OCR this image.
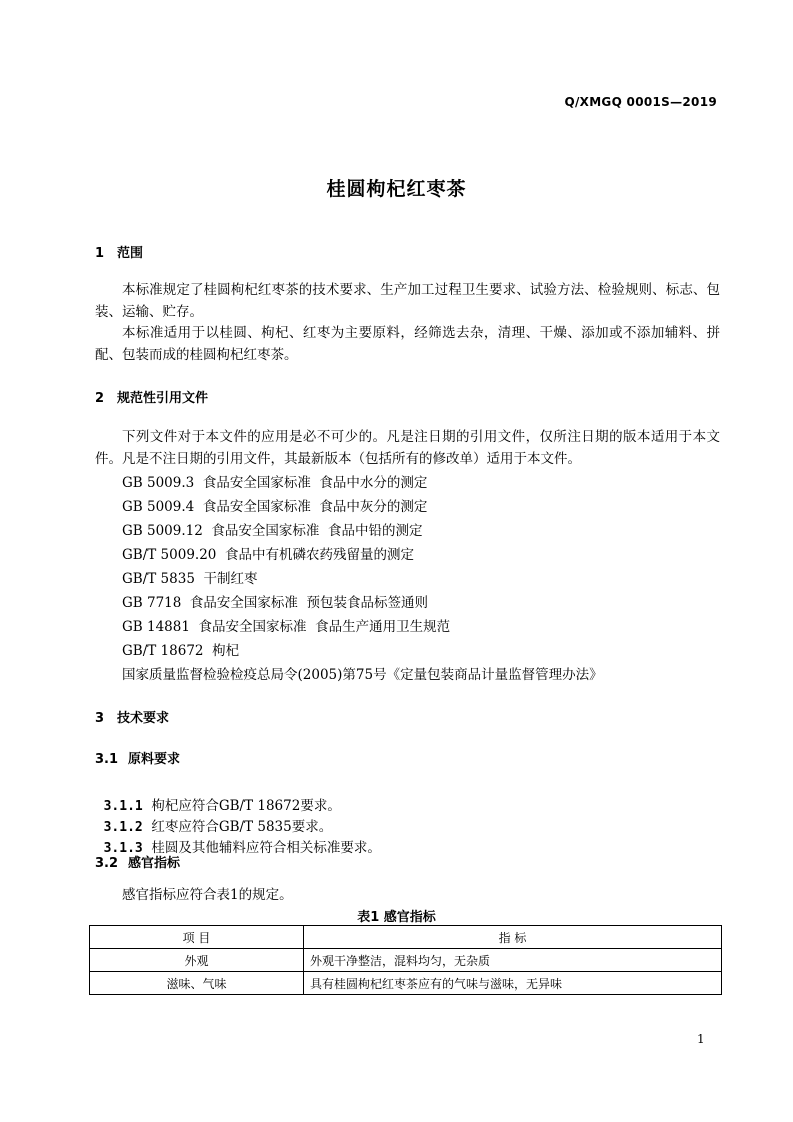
Q/XMGQ 0001S—2019
桂圆枸杞红枣茶
1 范围
本标准规定了桂圆枸杞红枣茶的技术要求、生产加工过程卫生要求、试验方法、检验规则、标志、包装、运输、贮存。
本标准适用于以桂圆、枸杞、红枣为主要原料，经筛选去杂，清理、干燥、添加或不添加辅料、拼配、包装而成的桂圆枸杞红枣茶。
2 规范性引用文件
下列文件对于本文件的应用是必不可少的。凡是注日期的引用文件，仅所注日期的版本适用于本文件。凡是不注日期的引用文件，其最新版本（包括所有的修改单）适用于本文件。
GB 5009.3  食品安全国家标准  食品中水分的测定
GB 5009.4  食品安全国家标准  食品中灰分的测定
GB 5009.12  食品安全国家标准  食品中铅的测定
GB/T 5009.20  食品中有机磷农药残留量的测定
GB/T 5835  干制红枣
GB 7718  食品安全国家标准  预包装食品标签通则
GB 14881  食品安全国家标准  食品生产通用卫生规范
GB/T 18672  枸杞
国家质量监督检验检疫总局令(2005)第75号《定量包装商品计量监督管理办法》
3 技术要求
3.1 原料要求

3.1.1 枸杞应符合GB/T 18672要求。

3.1.2 红枣应符合GB/T 5835要求。

3.1.3 桂圆及其他辅料应符合相关标准要求。

3.2 感官指标
感官指标应符合表1的规定。
表1 感官指标
项 目	指 标
外观	外观干净整洁，混料均匀，无杂质
滋味、气味	具有桂圆枸杞红枣茶应有的气味与滋味，无异味
1
